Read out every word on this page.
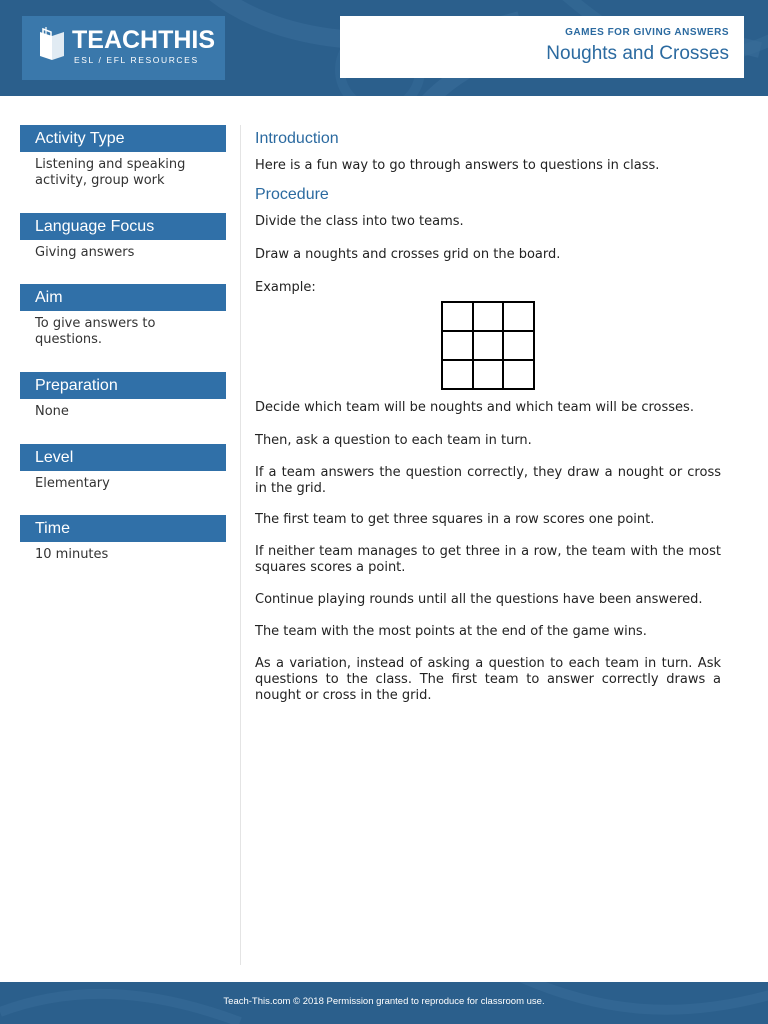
TEACHTHIS
ESL / EFL RESOURCES
GAMES FOR GIVING ANSWERS
Noughts and Crosses
Activity Type
Listening and speaking activity, group work
Language Focus
Giving answers
Aim
To give answers to questions.
Preparation
None
Level
Elementary
Time
10 minutes
Introduction
Here is a fun way to go through answers to questions in class.
Procedure
Divide the class into two teams.
Draw a noughts and crosses grid on the board.
Example:
Decide which team will be noughts and which team will be crosses.
Then, ask a question to each team in turn.
If a team answers the question correctly, they draw a nought or cross in the grid.
The first team to get three squares in a row scores one point.
If neither team manages to get three in a row, the team with the most squares scores a point.
Continue playing rounds until all the questions have been answered.
The team with the most points at the end of the game wins.
As a variation, instead of asking a question to each team in turn. Ask questions to the class. The first team to answer correctly draws a nought or cross in the grid.
Teach-This.com © 2018 Permission granted to reproduce for classroom use.
